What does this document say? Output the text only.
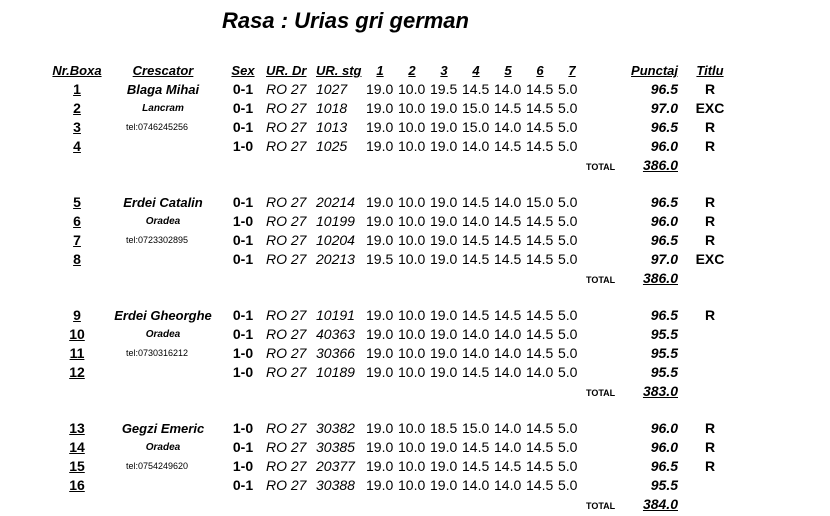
Rasa : Urias gri german
Nr.Boxa	Crescator	Sex UR. Dr UR. stg	1	2	3	4	5	6	7	Punctaj	Titlu
Blaga Mihai
Lancram
tel:0746245256
1	0-1 RO 27 1027	19.0 10.0 19.5 14.5 14.0 14.5 5.0	96.5	R
2	0-1 RO 27 1018	19.0 10.0 19.0 15.0 14.5 14.5 5.0	97.0	EXC
3	0-1 RO 27 1013	19.0 10.0 19.0 15.0 14.0 14.5 5.0	96.5	R
4	1-0 RO 27 1025	19.0 10.0 19.0 14.0 14.5 14.5 5.0	96.0	R
TOTAL	386.0
Erdei Catalin
Oradea
tel:0723302895
5	0-1 RO 27 20214 19.0 10.0 19.0 14.5 14.0 15.0 5.0	96.5	R
6	1-0 RO 27 10199 19.0 10.0 19.0 14.0 14.5 14.5 5.0	96.0	R
7	0-1 RO 27 10204 19.0 10.0 19.0 14.5 14.5 14.5 5.0	96.5	R
8	0-1 RO 27 20213 19.5 10.0 19.0 14.5 14.5 14.5 5.0	97.0	EXC
TOTAL	386.0
Erdei Gheorghe
Oradea
tel:0730316212
9	0-1 RO 27 10191 19.0 10.0 19.0 14.5 14.5 14.5 5.0	96.5	R
10	0-1 RO 27 40363 19.0 10.0 19.0 14.0 14.0 14.5 5.0	95.5
11	1-0 RO 27 30366 19.0 10.0 19.0 14.0 14.0 14.5 5.0	95.5
12	1-0 RO 27 10189 19.0 10.0 19.0 14.5 14.0 14.0 5.0	95.5
TOTAL	383.0
Gegzi Emeric
Oradea
tel:0754249620
13	1-0 RO 27 30382 19.0 10.0 18.5 15.0 14.0 14.5 5.0	96.0	R
14	0-1 RO 27 30385 19.0 10.0 19.0 14.5 14.0 14.5 5.0	96.0	R
15	1-0 RO 27 20377 19.0 10.0 19.0 14.5 14.5 14.5 5.0	96.5	R
16	0-1 RO 27 30388 19.0 10.0 19.0 14.0 14.0 14.5 5.0	95.5
TOTAL	384.0
